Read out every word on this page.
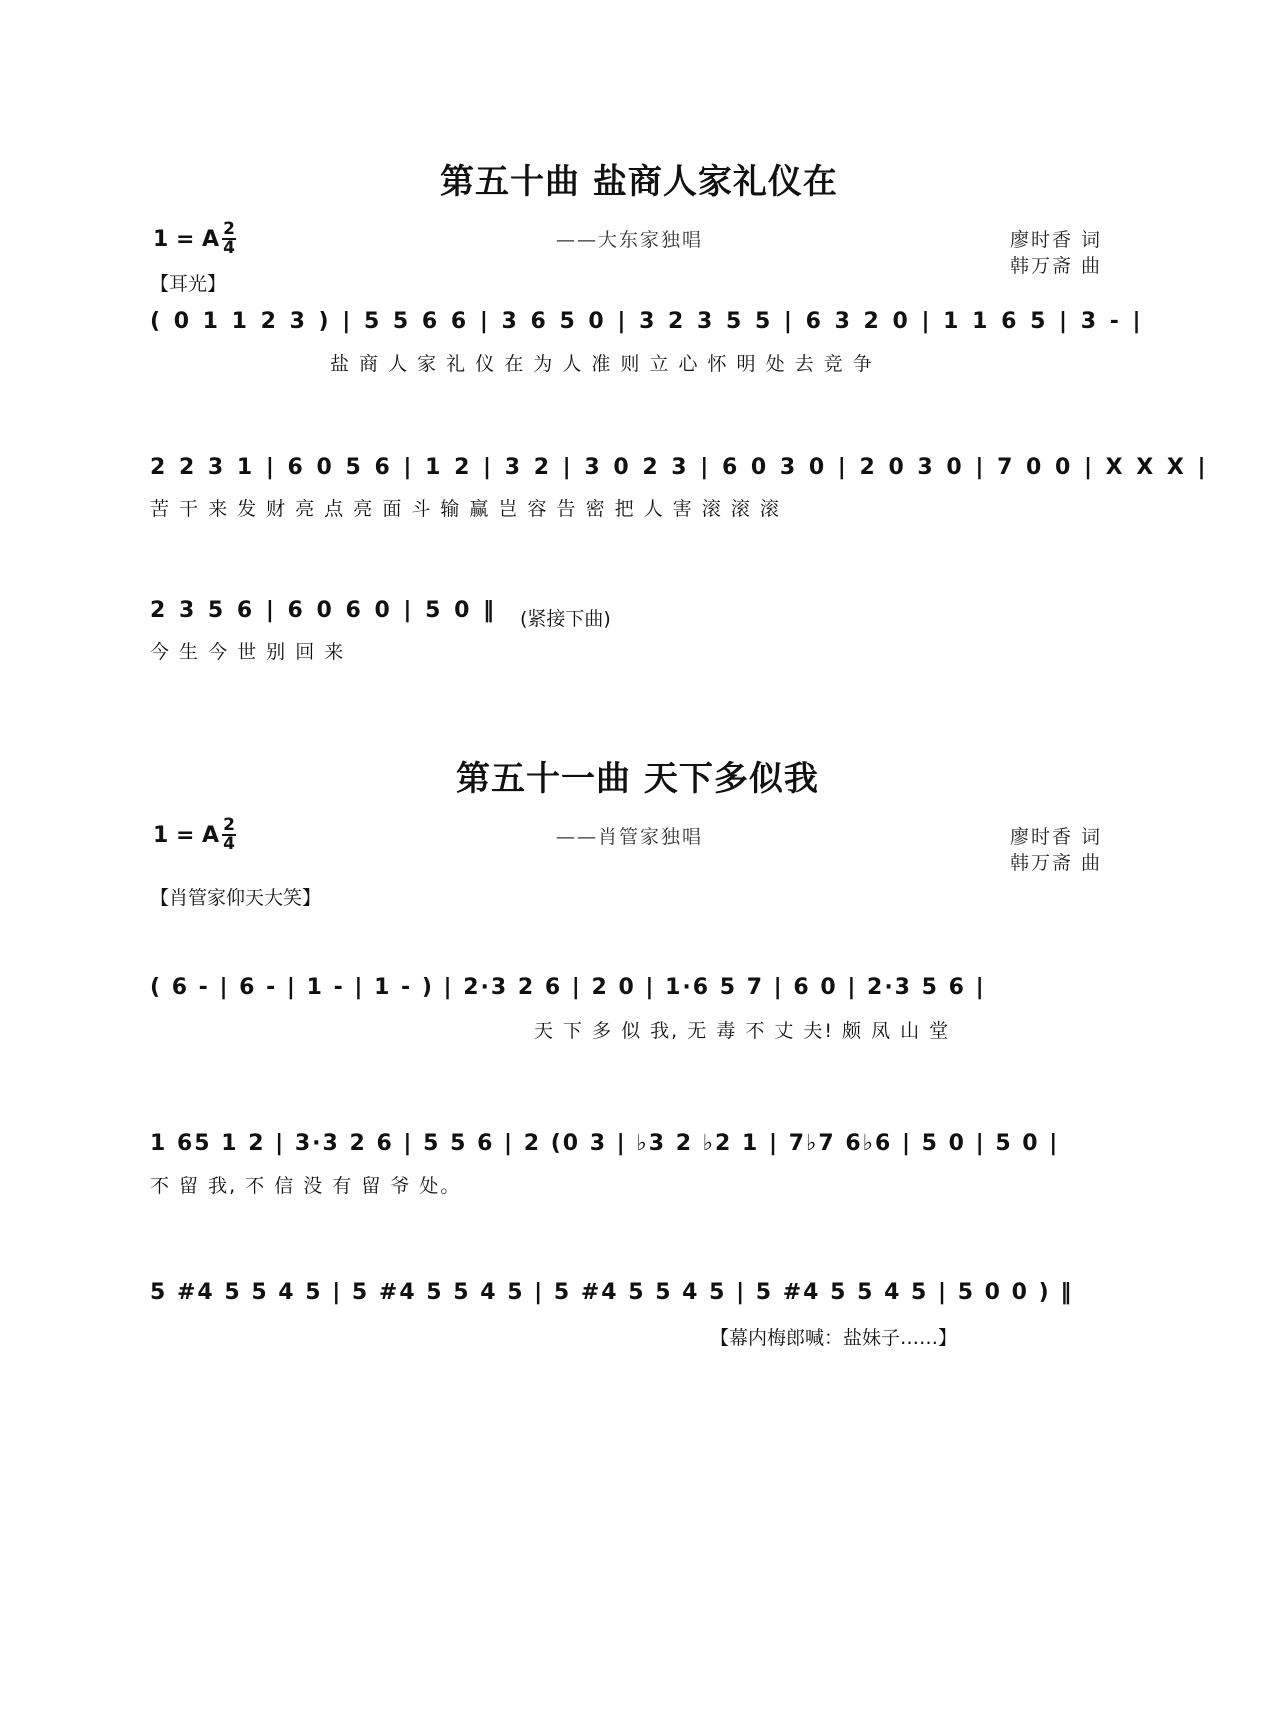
第五十曲 盐商人家礼仪在
1 = A 2
4	——大东家独唱	廖时香 词
韩万斋 曲
【耳光】
( 0 1 1 2 3 ) | 5 5 6 6 | 3 6 5 0 | 3 2 3 5 5 | 6 3 2 0 | 1 1 6 5 | 3 - |
盐 商 人 家 礼 仪 在 为 人 准 则 立 心 怀 明 处 去 竞 争
2 2 3 1 | 6 0 5 6 | 1 2 | 3 2 | 3 0 2 3 | 6 0 3 0 | 2 0 3 0 | 7 0 0 | X X X |
苦 干 来 发 财 亮 点 亮 面 斗 输 赢 岂 容 告 密 把 人 害 滚 滚 滚
2 3 5 6 | 6 0 6 0 | 5 0 ‖
今 生 今 世 别 回 来
(紧接下曲)
第五十一曲 天下多似我
1 = A 2
4	——肖管家独唱	廖时香 词
韩万斋 曲
【肖管家仰天大笑】
( 6 - | 6 - | 1 - | 1 - ) | 2·3 2 6 | 2 0 | 1·6 5 7 | 6 0 | 2·3 5 6 |
天 下 多 似 我, 无 毒 不 丈 夫! 颇 凤 山 堂
1 65 1 2 | 3·3 2 6 | 5 5 6 | 2 (0 3 | ♭3 2 ♭2 1 | 7♭7 6♭6 | 5 0 | 5 0 |
不 留 我, 不 信 没 有 留 爷 处。
5 #4 5 5 4 5 | 5 #4 5 5 4 5 | 5 #4 5 5 4 5 | 5 #4 5 5 4 5 | 5 0 0 ) ‖
【幕内梅郎喊：盐妹子……】
